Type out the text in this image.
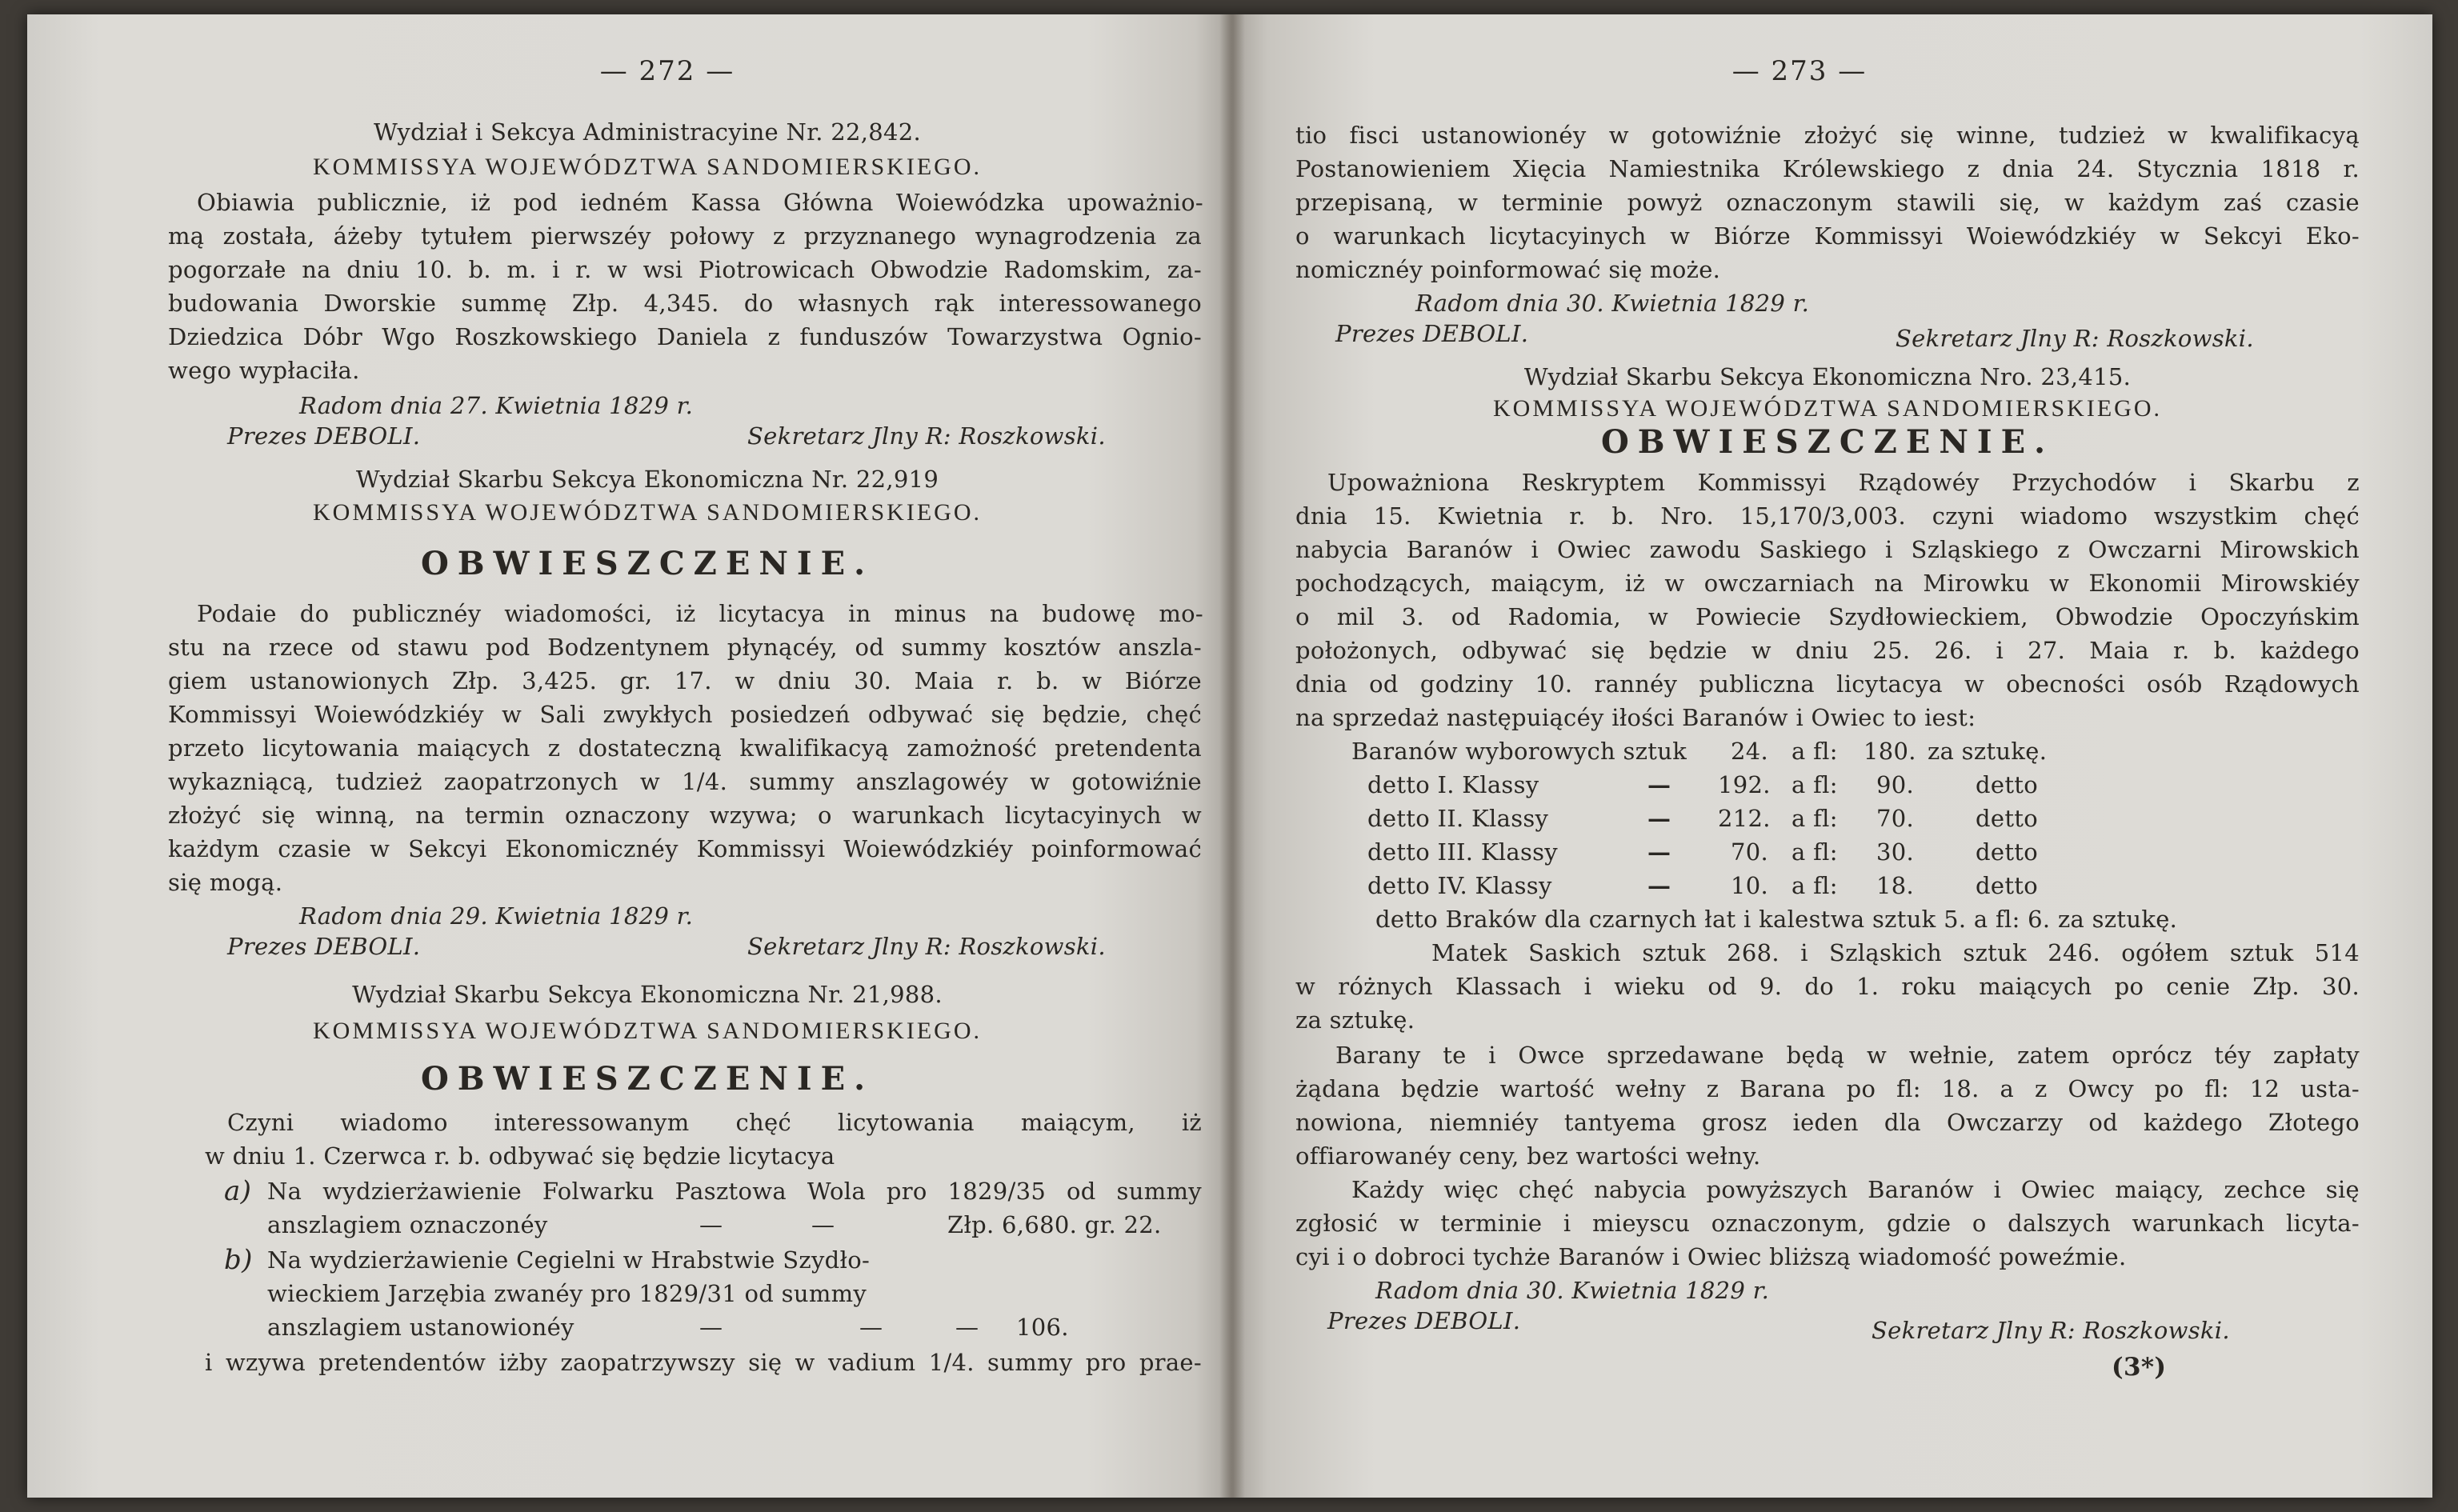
— 272 —
Wydział i Sekcya Administracyine Nr. 22,842.
KOMMISSYA WOJEWÓDZTWA SANDOMIERSKIEGO.
Obiawia publicznie, iż pod iedném Kassa Główna Woiewódzka upoważnio-
mą została, áżeby tytułem pierwszéy połowy z przyznanego wynagrodzenia za
pogorzałe na dniu 10. b. m. i r. w wsi Piotrowicach Obwodzie Radomskim, za-
budowania Dworskie summę Złp. 4,345. do własnych rąk interessowanego
Dziedzica Dóbr Wgo Roszkowskiego Daniela z funduszów Towarzystwa Ognio-
wego wypłaciła.
Radom dnia 27. Kwietnia 1829 r.
Prezes DEBOLI.	Sekretarz Jlny R: Roszkowski.
Wydział Skarbu Sekcya Ekonomiczna Nr. 22,919
KOMMISSYA WOJEWÓDZTWA SANDOMIERSKIEGO.
OBWIESZCZENIE.
Podaie do publicznéy wiadomości, iż licytacya in minus na budowę mo-
stu na rzece od stawu pod Bodzentynem płynącéy, od summy kosztów anszla-
giem ustanowionych Złp. 3,425. gr. 17. w dniu 30. Maia r. b. w Biórze
Kommissyi Woiewódzkiéy w Sali zwykłych posiedzeń odbywać się będzie, chęć
przeto licytowania maiących z dostateczną kwalifikacyą zamożność pretendenta
wykazniącą, tudzież zaopatrzonych w 1/4. summy anszlagowéy w gotowiźnie
złożyć się winną, na termin oznaczony wzywa; o warunkach licytacyinych w
każdym czasie w Sekcyi Ekonomicznéy Kommissyi Woiewódzkiéy poinformować
się mogą.
Radom dnia 29. Kwietnia 1829 r.
Prezes DEBOLI.	Sekretarz Jlny R: Roszkowski.
Wydział Skarbu Sekcya Ekonomiczna Nr. 21,988.
KOMMISSYA WOJEWÓDZTWA SANDOMIERSKIEGO.
OBWIESZCZENIE.
Czyni wiadomo interessowanym chęć licytowania maiącym, iż
w dniu 1. Czerwca r. b. odbywać się będzie licytacya
a) Na wydzierżawienie Folwarku Pasztowa Wola pro 1829/35 od summy
anszlagiem oznaczonéy	—	—	Złp. 6,680. gr. 22.
b) Na wydzierżawienie Cegielni w Hrabstwie Szydło-
wieckiem Jarzębia zwanéy pro 1829/31 od summy
anszlagiem ustanowionéy	—	—	— 106.
i wzywa pretendentów iżby zaopatrzywszy się w vadium 1/4. summy pro prae-
— 273 —
tio fisci ustanowionéy w gotowiźnie złożyć się winne, tudzież w kwalifikacyą
Postanowieniem Xięcia Namiestnika Królewskiego z dnia 24. Stycznia 1818 r.
przepisaną, w terminie powyż oznaczonym stawili się, w każdym zaś czasie
o warunkach licytacyinych w Biórze Kommissyi Woiewódzkiéy w Sekcyi Eko-
nomicznéy poinformować się może.
Radom dnia 30. Kwietnia 1829 r.
Prezes DEBOLI.	Sekretarz Jlny R: Roszkowski.
Wydział Skarbu Sekcya Ekonomiczna Nro. 23,415.
KOMMISSYA WOJEWÓDZTWA SANDOMIERSKIEGO.
OBWIESZCZENIE.
Upoważniona Reskryptem Kommissyi Rządowéy Przychodów i Skarbu z
dnia 15. Kwietnia r. b. Nro. 15,170/3,003. czyni wiadomo wszystkim chęć
nabycia Baranów i Owiec zawodu Saskiego i Szląskiego z Owczarni Mirowskich
pochodzących, maiącym, iż w owczarniach na Mirowku w Ekonomii Mirowskiéy
o mil 3. od Radomia, w Powiecie Szydłowieckiem, Obwodzie Opoczyńskim
położonych, odbywać się będzie w dniu 25. 26. i 27. Maia r. b. każdego
dnia od godziny 10. rannéy publiczna licytacya w obecności osób Rządowych
na sprzedaż następuiącéy iłości Baranów i Owiec to iest:
Baranów wyborowych sztuk 24. a fl: 180. za sztukę.
detto I. Klassy	— 192. a fl: 90.	detto
detto II. Klassy	— 212. a fl: 70.	detto
detto III. Klassy	—	70. a fl: 30.	detto
detto IV. Klassy	—	10. a fl: 18.	detto
detto Braków dla czarnych łat i kalestwa sztuk 5. a fl: 6. za sztukę.
Matek Saskich sztuk 268. i Szląskich sztuk 246. ogółem sztuk 514
w różnych Klassach i wieku od 9. do 1. roku maiących po cenie Złp. 30.
za sztukę.
Barany te i Owce sprzedawane będą w wełnie, zatem oprócz téy zapłaty
żądana będzie wartość wełny z Barana po fl: 18. a z Owcy po fl: 12 usta-
nowiona, niemniéy tantyema grosz ieden dla Owczarzy od każdego Złotego
offiarowanéy ceny, bez wartości wełny.
Każdy więc chęć nabycia powyższych Baranów i Owiec maiący, zechce się
zgłosić w terminie i mieyscu oznaczonym, gdzie o dalszych warunkach licyta-
cyi i o dobroci tychże Baranów i Owiec bliższą wiadomość poweźmie.
Radom dnia 30. Kwietnia 1829 r.
Prezes DEBOLI.	Sekretarz Jlny R: Roszkowski.
(3*)
